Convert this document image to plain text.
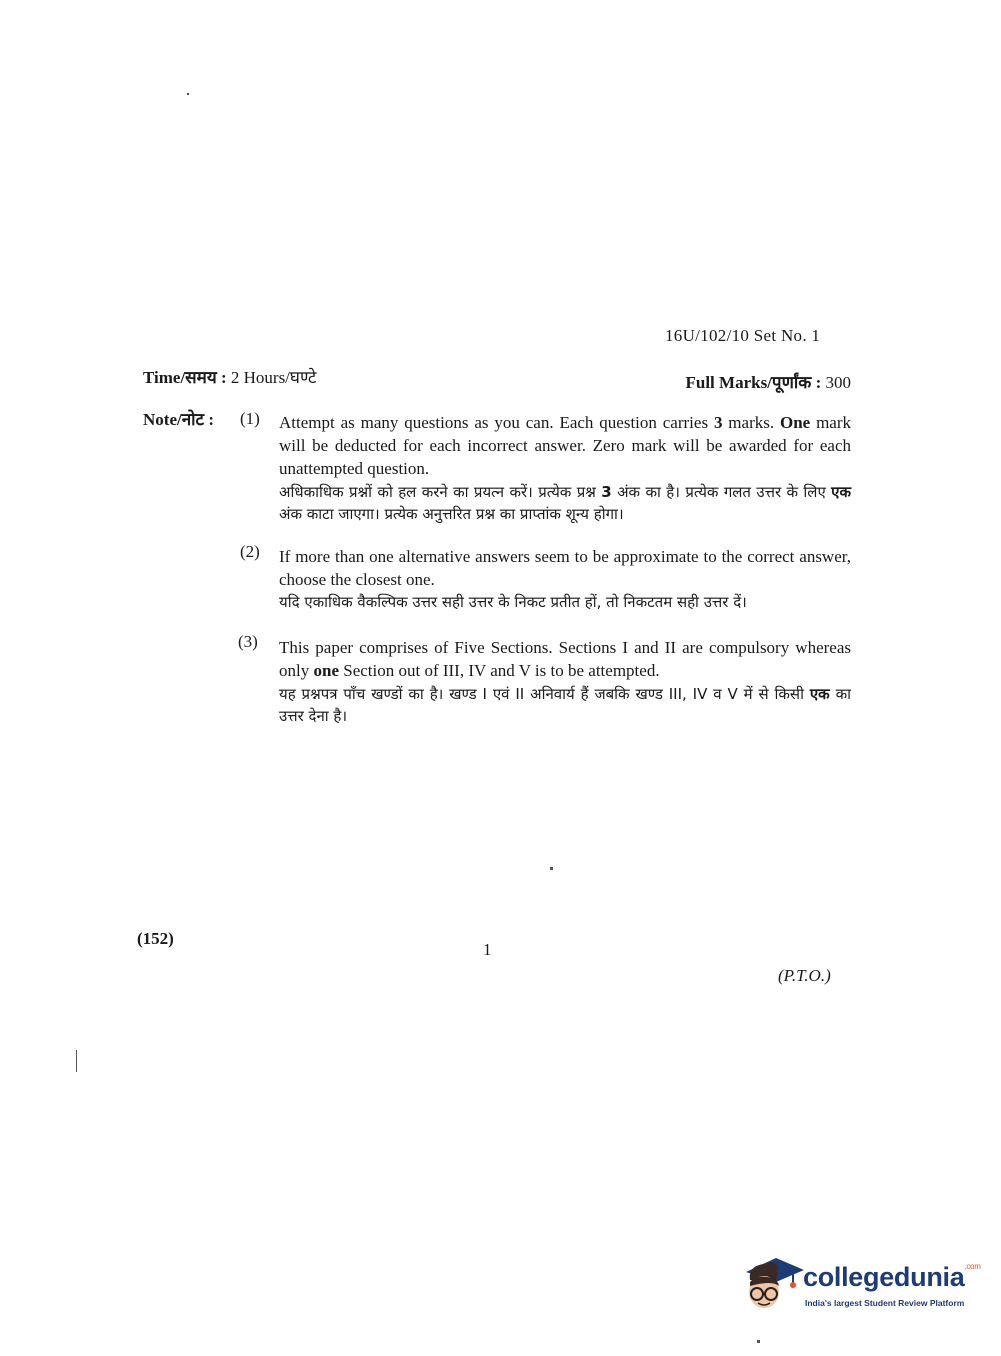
16U/102/10 Set No. 1
Time/समय : 2 Hours/घण्टे	Full Marks/पूर्णांक : 300
Note/नोट : (1) Attempt as many questions as you can. Each question carries 3 marks. One mark will be deducted for each incorrect answer. Zero mark will be awarded for each unattempted question.
अधिकाधिक प्रश्नों को हल करने का प्रयत्न करें। प्रत्येक प्रश्न 3 अंक का है। प्रत्येक गलत उत्तर के लिए एक अंक काटा जाएगा। प्रत्येक अनुत्तरित प्रश्न का प्राप्तांक शून्य होगा।
(2) If more than one alternative answers seem to be approximate to the correct answer, choose the closest one.
यदि एकाधिक वैकल्पिक उत्तर सही उत्तर के निकट प्रतीत हों, तो निकटतम सही उत्तर दें।
(3) This paper comprises of Five Sections. Sections I and II are compulsory whereas only one Section out of III, IV and V is to be attempted.
यह प्रश्नपत्र पाँच खण्डों का है। खण्ड I एवं II अनिवार्य हैं जबकि खण्ड III, IV व V में से किसी एक का उत्तर देना है।
(152)
1
(P.T.O.)
collegedunia$^{.com}$
India's largest Student Review Platform
